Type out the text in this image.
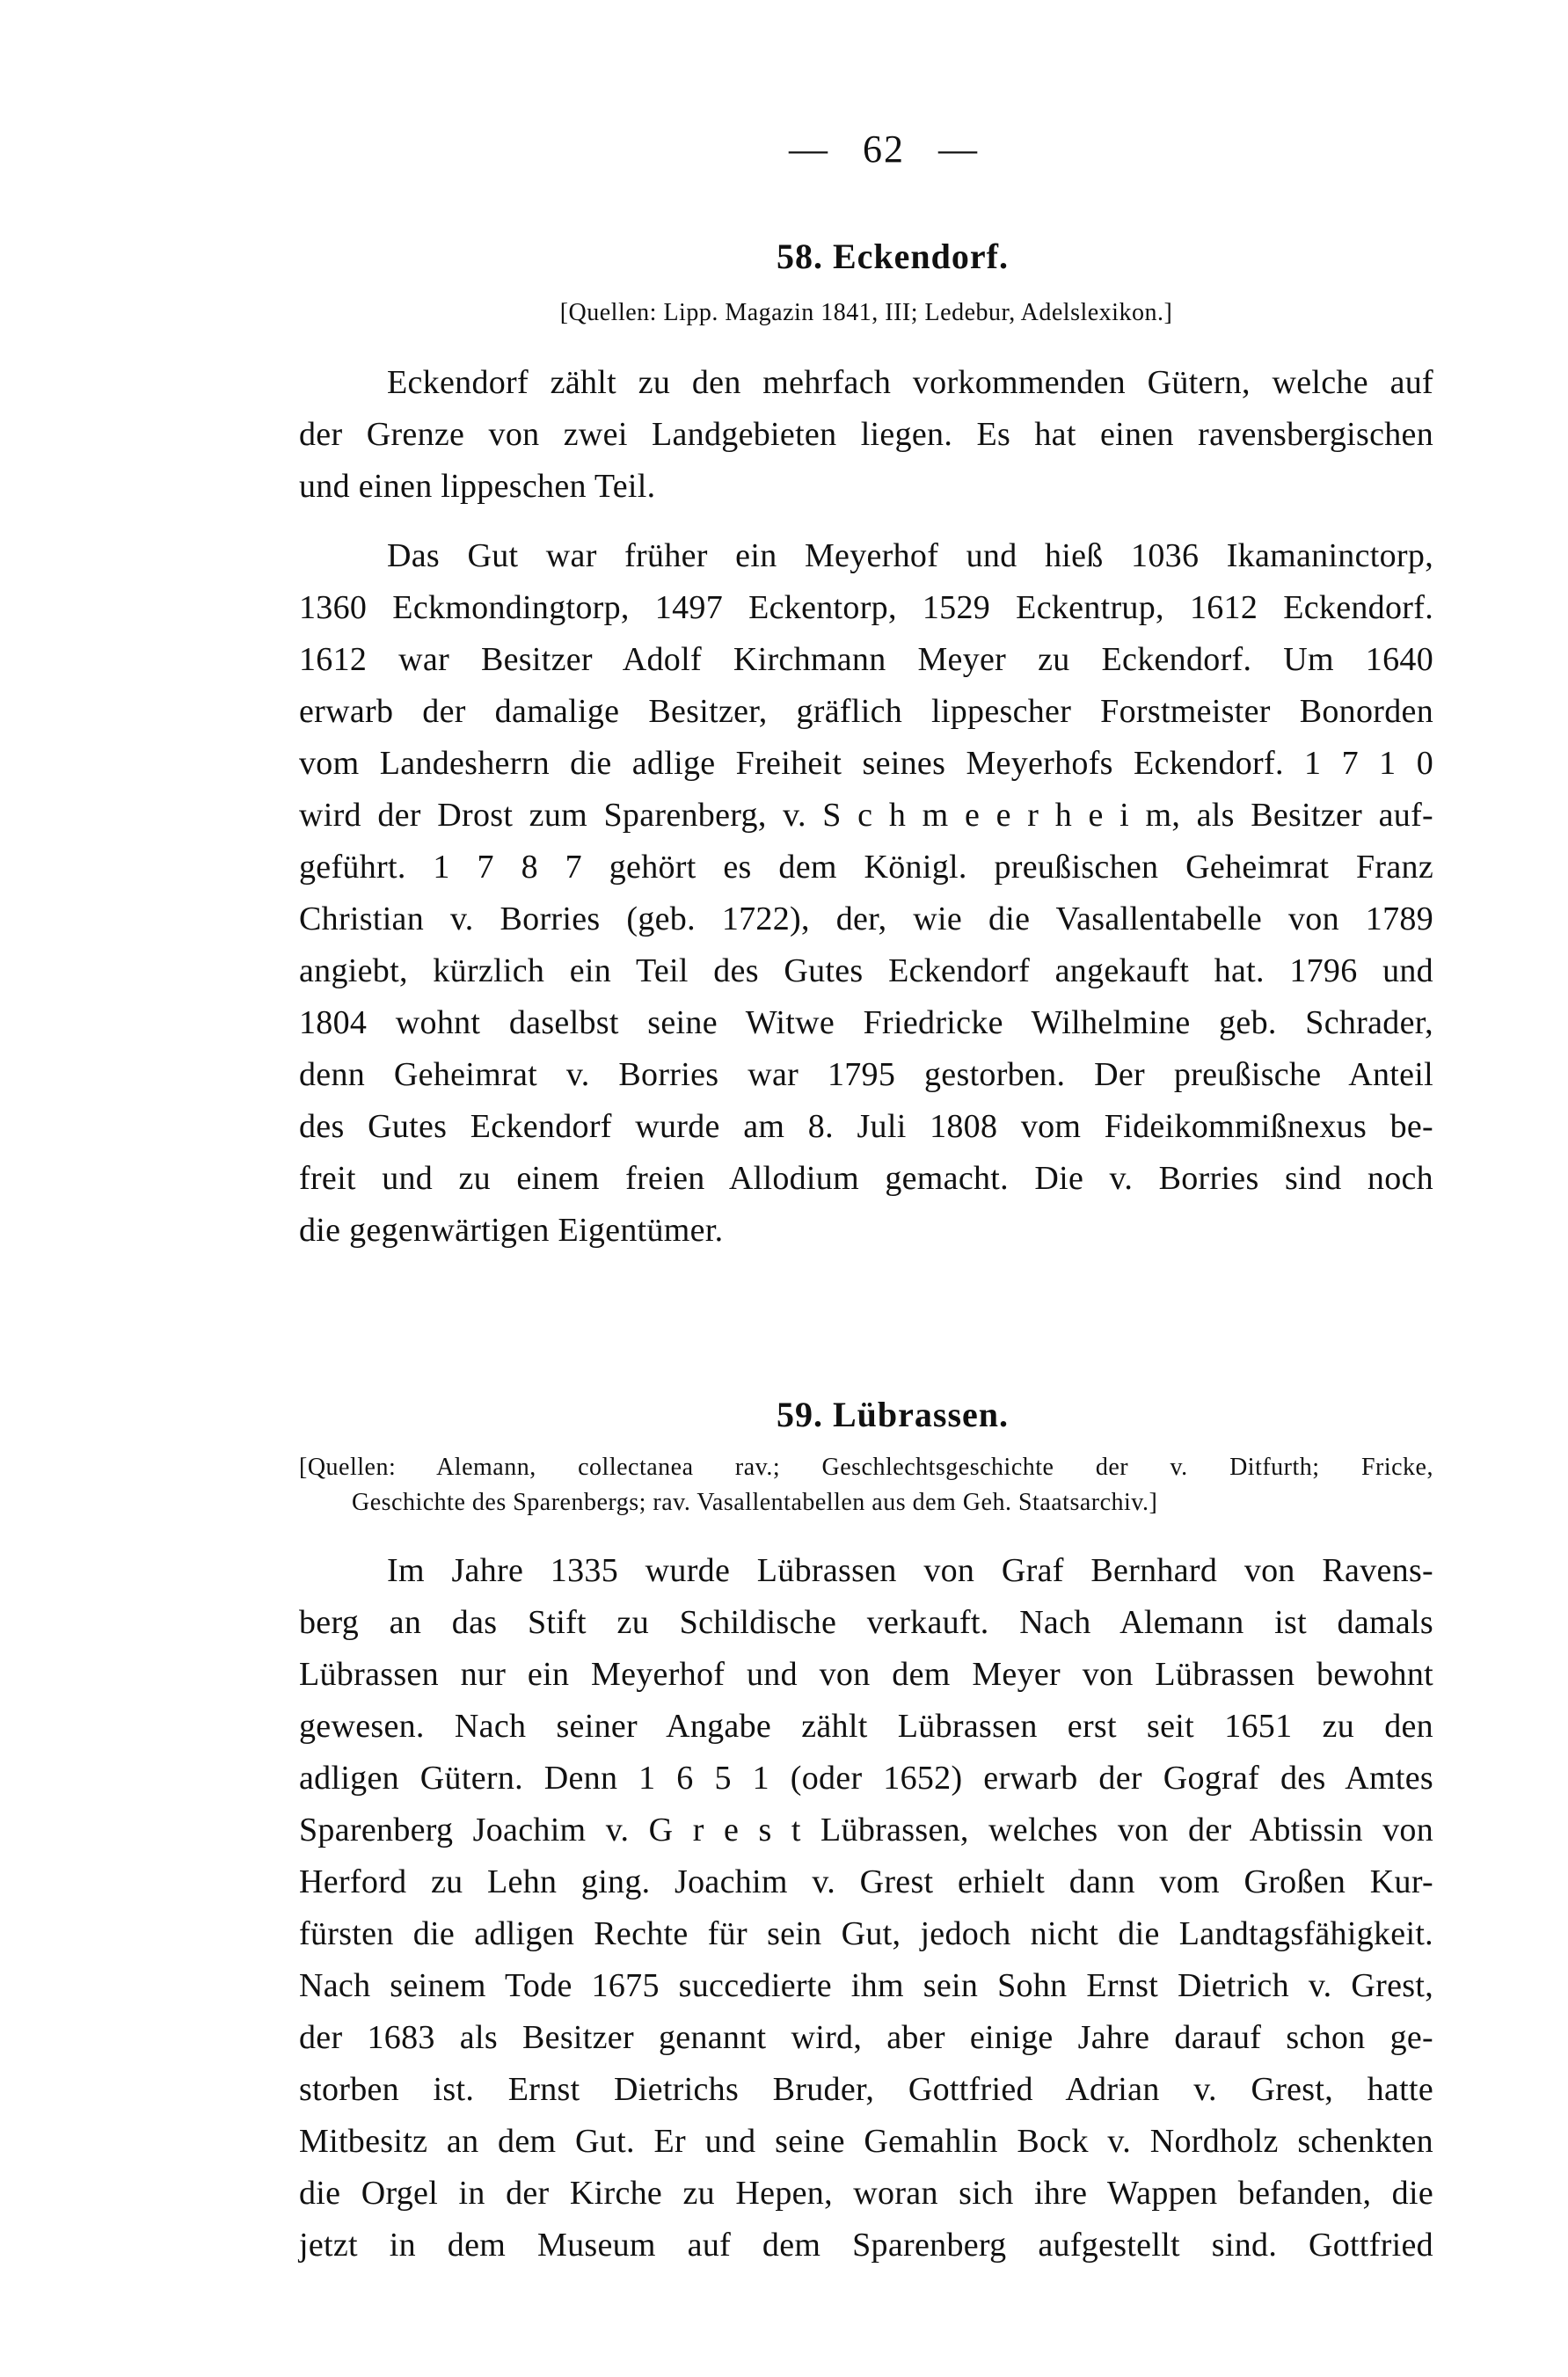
— 62 —
58. Eckendorf.
[Quellen: Lipp. Magazin 1841, III; Ledebur, Adelslexikon.]
Eckendorf zählt zu den mehrfach vorkommenden Gütern, welche auf
der Grenze von zwei Landgebieten liegen. Es hat einen ravensbergischen
und einen lippeschen Teil.
Das Gut war früher ein Meyerhof und hieß 1036 Ikamaninctorp,
1360 Eckmondingtorp, 1497 Eckentorp, 1529 Eckentrup, 1612 Eckendorf.
1612 war Besitzer Adolf Kirchmann Meyer zu Eckendorf. Um 1640
erwarb der damalige Besitzer, gräflich lippescher Forstmeister Bonorden
vom Landesherrn die adlige Freiheit seines Meyerhofs Eckendorf. 1 7 1 0
wird der Drost zum Sparenberg, v. S c h m e e r h e i m, als Besitzer auf-
geführt. 1 7 8 7 gehört es dem Königl. preußischen Geheimrat Franz
Christian v. Borries (geb. 1722), der, wie die Vasallentabelle von 1789
angiebt, kürzlich ein Teil des Gutes Eckendorf angekauft hat. 1796 und
1804 wohnt daselbst seine Witwe Friedricke Wilhelmine geb. Schrader,
denn Geheimrat v. Borries war 1795 gestorben. Der preußische Anteil
des Gutes Eckendorf wurde am 8. Juli 1808 vom Fideikommißnexus be-
freit und zu einem freien Allodium gemacht. Die v. Borries sind noch
die gegenwärtigen Eigentümer.
59. Lübrassen.
[Quellen: Alemann, collectanea rav.; Geschlechtsgeschichte der v. Ditfurth; Fricke,
Geschichte des Sparenbergs; rav. Vasallentabellen aus dem Geh. Staatsarchiv.]
Im Jahre 1335 wurde Lübrassen von Graf Bernhard von Ravens-
berg an das Stift zu Schildische verkauft. Nach Alemann ist damals
Lübrassen nur ein Meyerhof und von dem Meyer von Lübrassen bewohnt
gewesen. Nach seiner Angabe zählt Lübrassen erst seit 1651 zu den
adligen Gütern. Denn 1 6 5 1 (oder 1652) erwarb der Gograf des Amtes
Sparenberg Joachim v. G r e s t Lübrassen, welches von der Abtissin von
Herford zu Lehn ging. Joachim v. Grest erhielt dann vom Großen Kur-
fürsten die adligen Rechte für sein Gut, jedoch nicht die Landtagsfähigkeit.
Nach seinem Tode 1675 succedierte ihm sein Sohn Ernst Dietrich v. Grest,
der 1683 als Besitzer genannt wird, aber einige Jahre darauf schon ge-
storben ist. Ernst Dietrichs Bruder, Gottfried Adrian v. Grest, hatte
Mitbesitz an dem Gut. Er und seine Gemahlin Bock v. Nordholz schenkten
die Orgel in der Kirche zu Hepen, woran sich ihre Wappen befanden, die
jetzt in dem Museum auf dem Sparenberg aufgestellt sind. Gottfried
